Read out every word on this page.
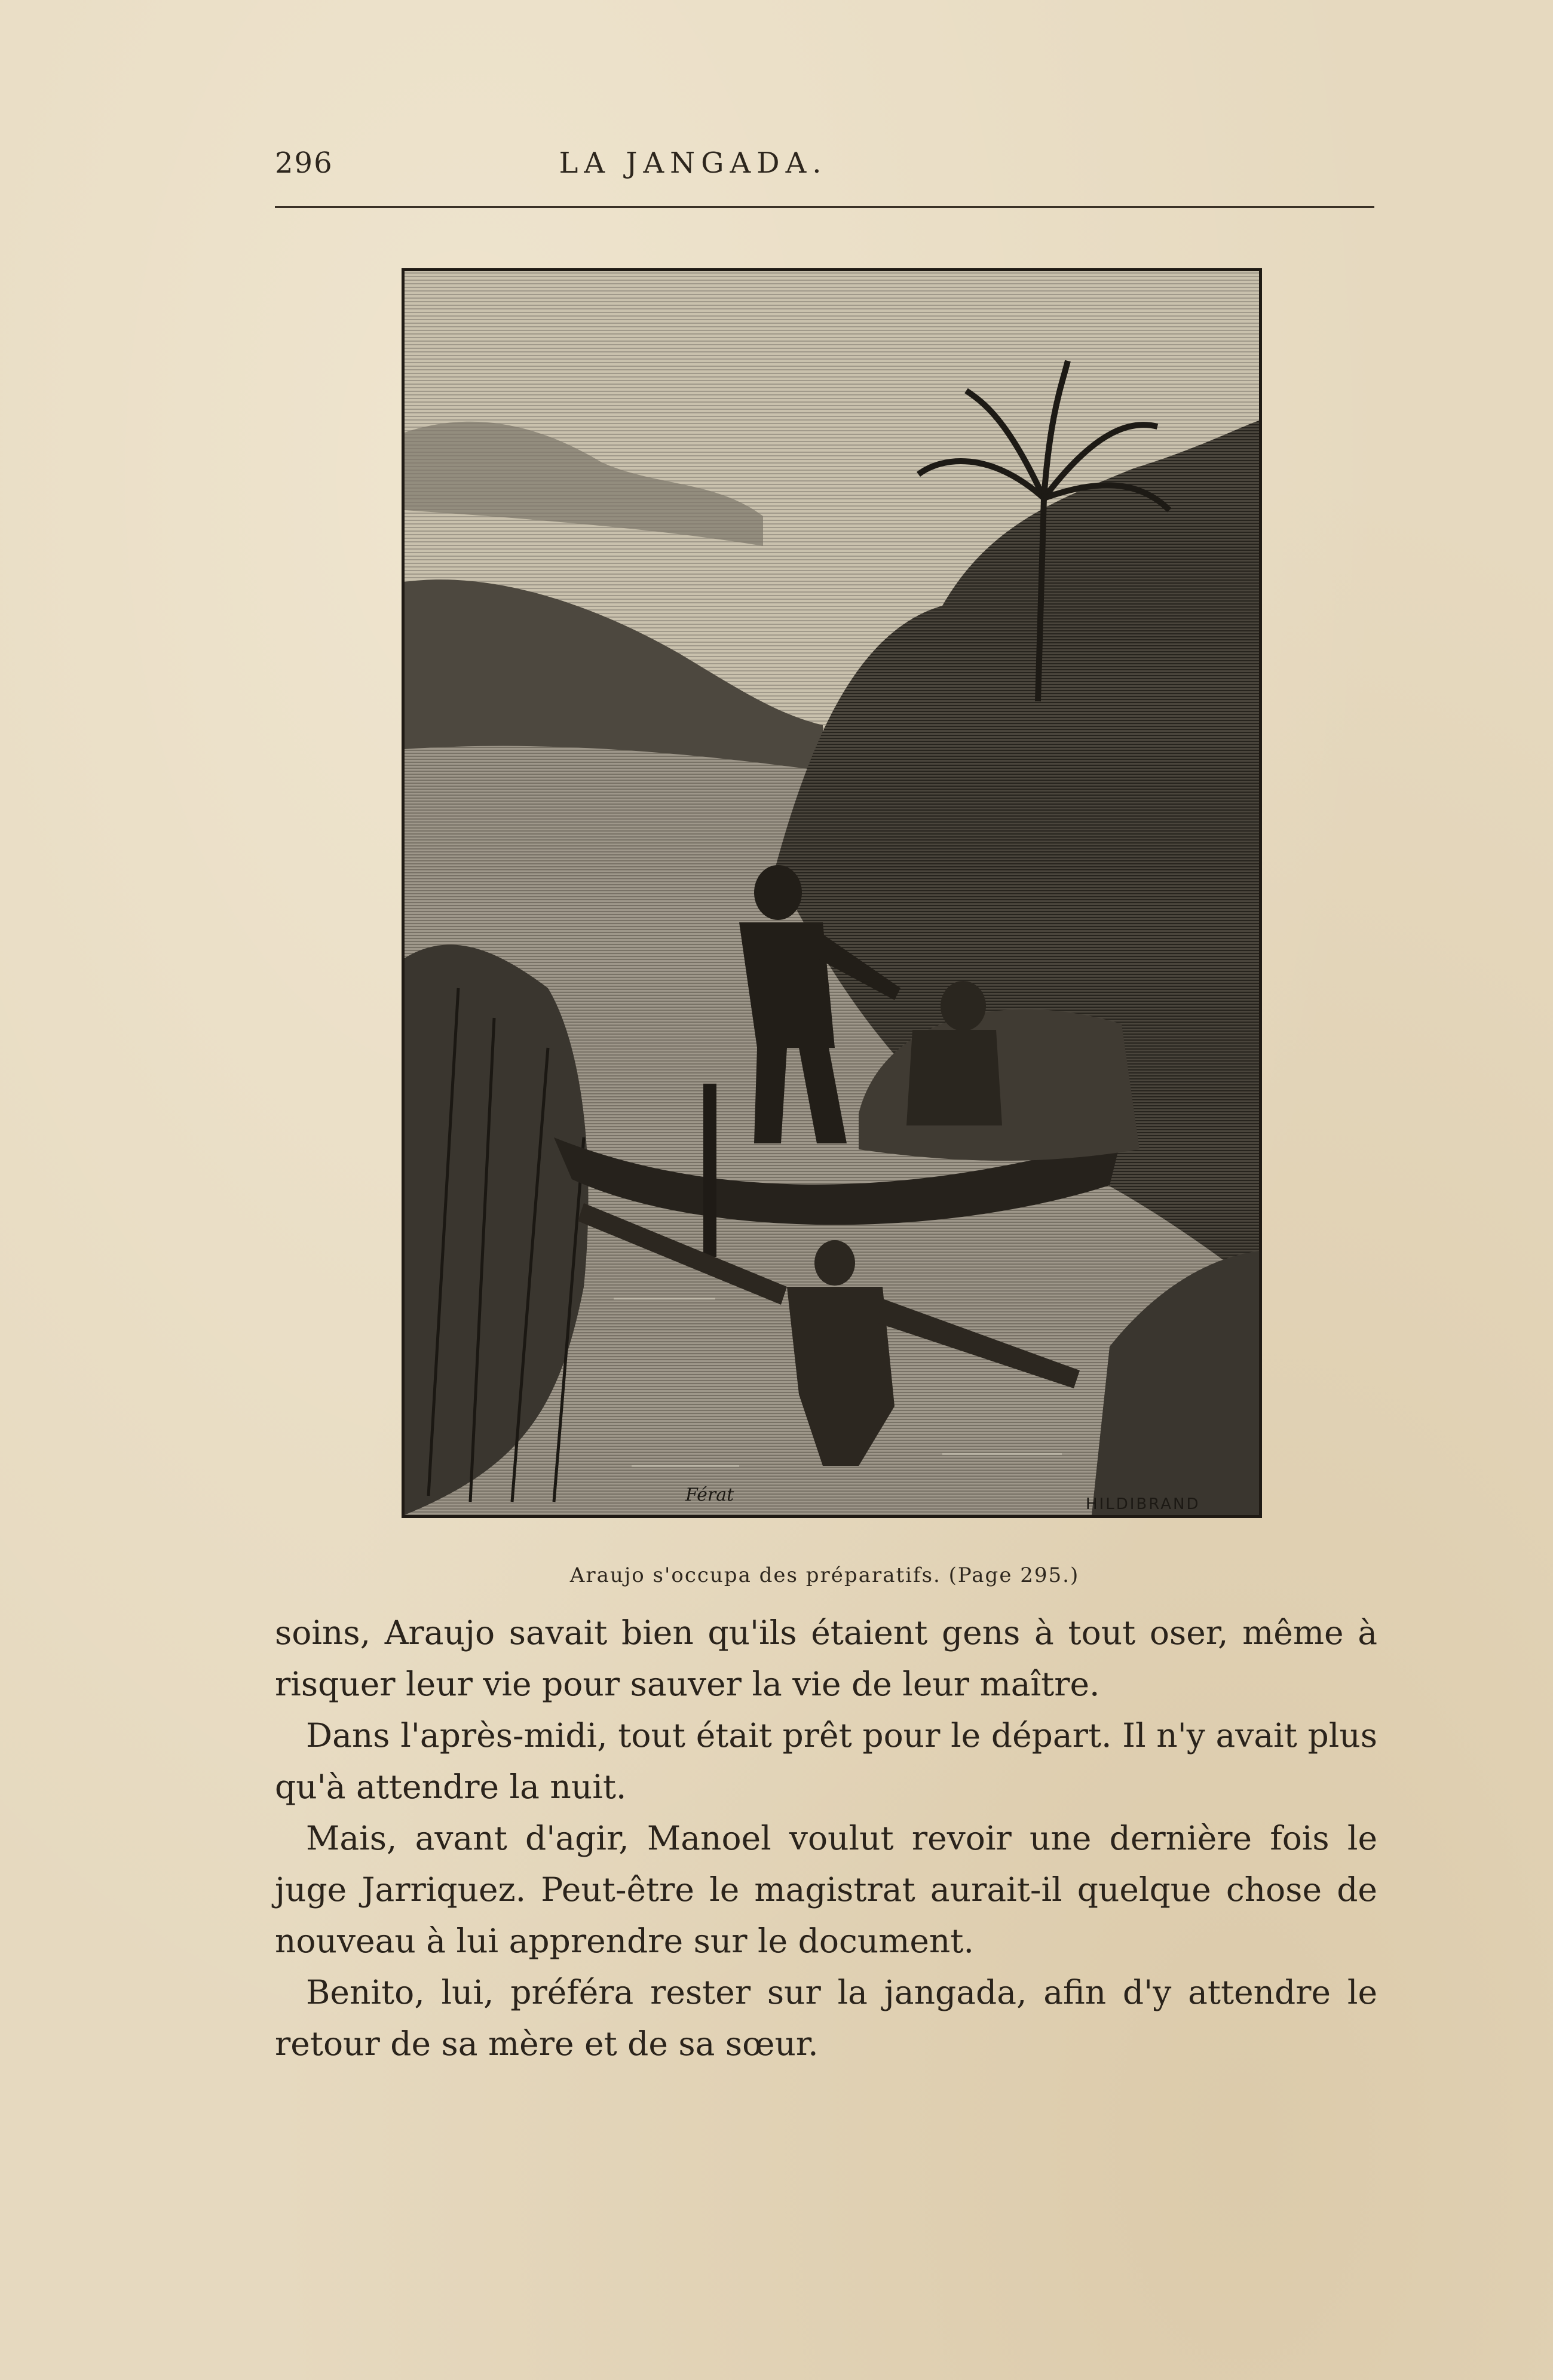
296	LA JANGADA.
Férat	HILDIBRAND
Araujo s'occupa des préparatifs. (Page 295.)

soins, Araujo savait bien qu'ils étaient gens à tout oser, même à risquer leur vie pour sauver la vie de leur maître.

Dans l'après-midi, tout était prêt pour le départ. Il n'y avait plus qu'à attendre la nuit.

Mais, avant d'agir, Manoel voulut revoir une dernière fois le juge Jarriquez. Peut-être le magistrat aurait-il quelque chose de nouveau à lui apprendre sur le document.

Benito, lui, préféra rester sur la jangada, afin d'y attendre le retour de sa mère et de sa sœur.
